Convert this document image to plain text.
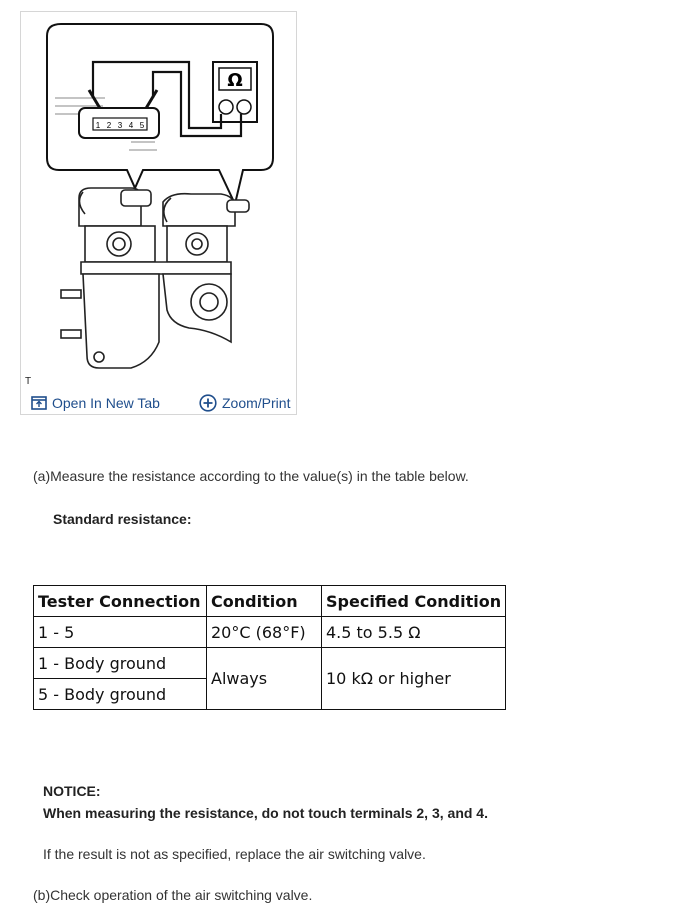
Ω
1 2 3 4 5
T
Open In New Tab	Zoom/Print
(a)Measure the resistance according to the value(s) in the table below.
Standard resistance:
Tester Connection	Condition	Specified Condition
1 - 5	20°C (68°F)	4.5 to 5.5 Ω
1 - Body ground	Always	10 kΩ or higher
5 - Body ground		
NOTICE:
When measuring the resistance, do not touch terminals 2, 3, and 4.
If the result is not as specified, replace the air switching valve.
(b)Check operation of the air switching valve.
